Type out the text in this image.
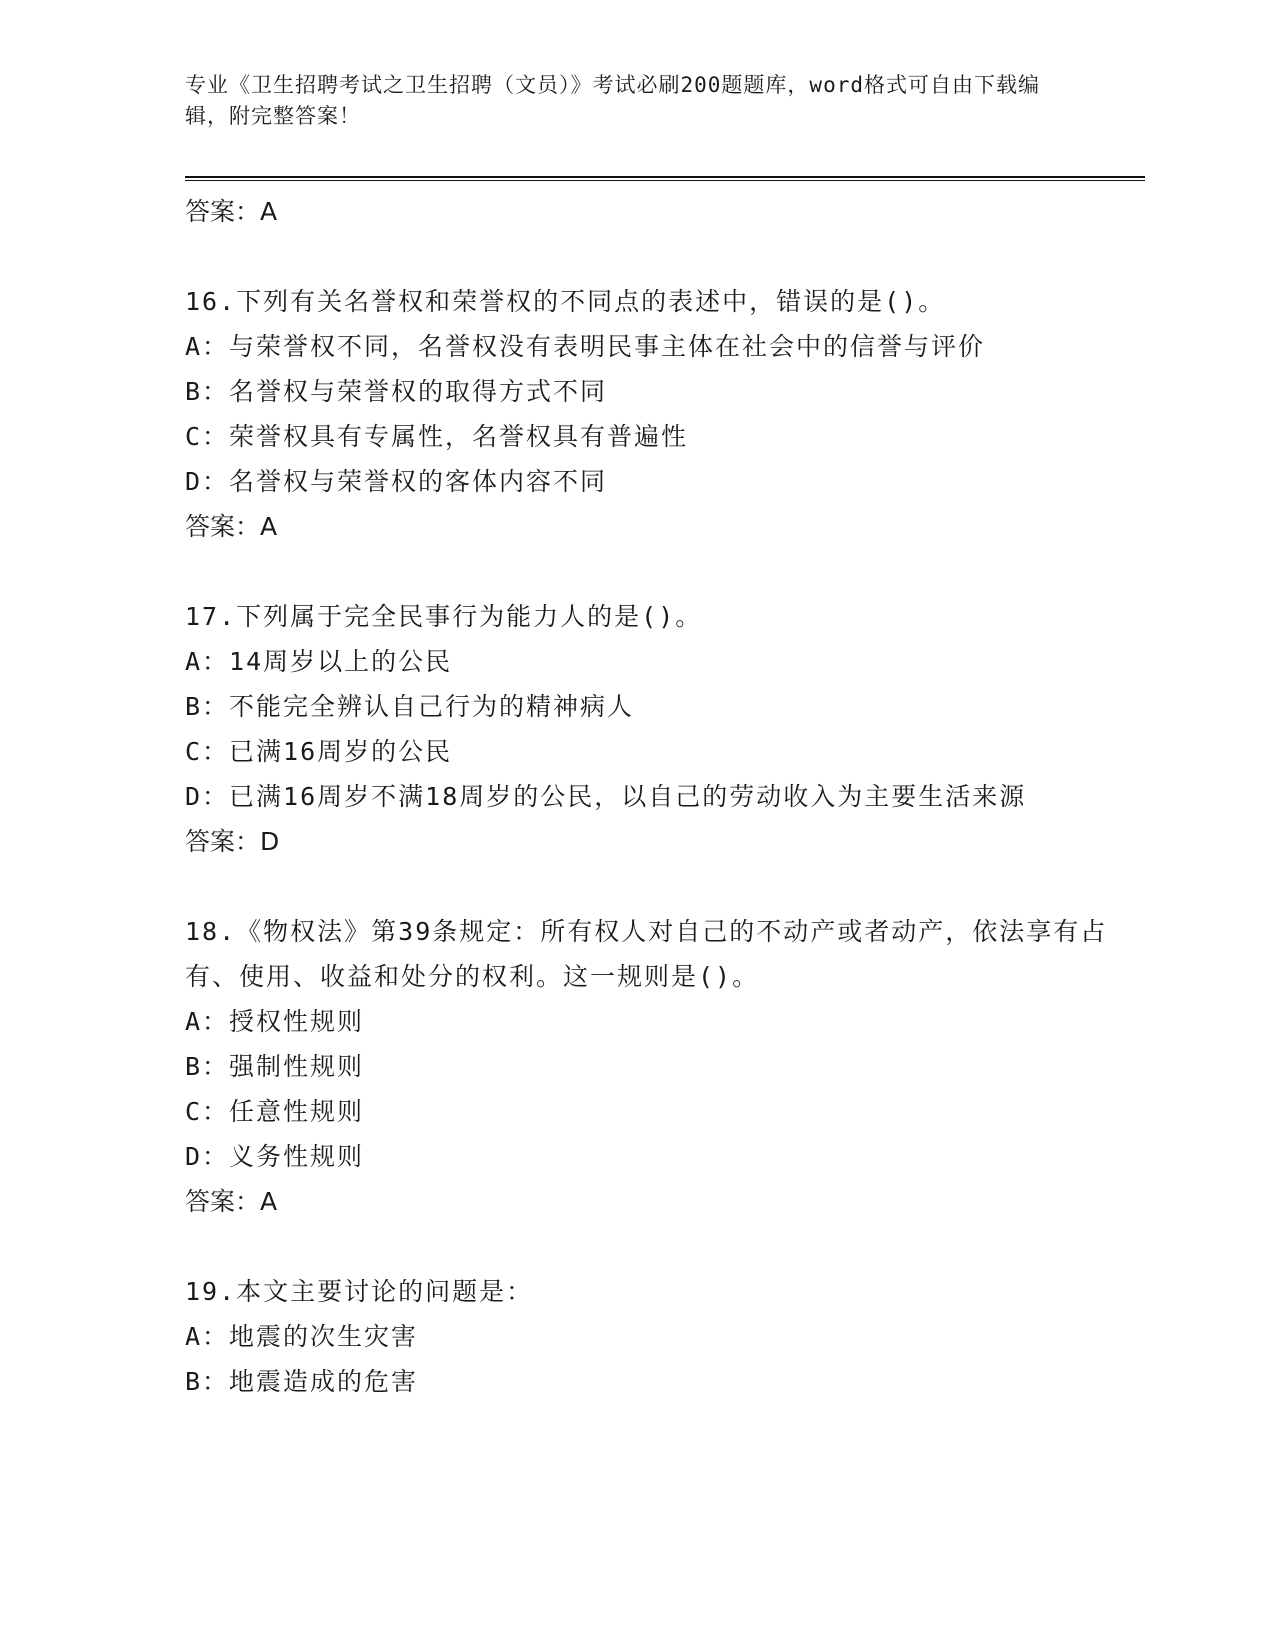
专业《卫生招聘考试之卫生招聘（文员）》考试必刷200题题库，word格式可自由下载编辑，附完整答案！

答案：A

16.下列有关名誉权和荣誉权的不同点的表述中，错误的是()。

A：与荣誉权不同，名誉权没有表明民事主体在社会中的信誉与评价

B：名誉权与荣誉权的取得方式不同

C：荣誉权具有专属性，名誉权具有普遍性

D：名誉权与荣誉权的客体内容不同

答案：A

17.下列属于完全民事行为能力人的是()。

A：14周岁以上的公民

B：不能完全辨认自己行为的精神病人

C：已满16周岁的公民

D：已满16周岁不满18周岁的公民，以自己的劳动收入为主要生活来源

答案：D

18.《物权法》第39条规定：所有权人对自己的不动产或者动产，依法享有占有、使用、收益和处分的权利。这一规则是()。

A：授权性规则

B：强制性规则

C：任意性规则

D：义务性规则

答案：A

19.本文主要讨论的问题是：

A：地震的次生灾害

B：地震造成的危害
